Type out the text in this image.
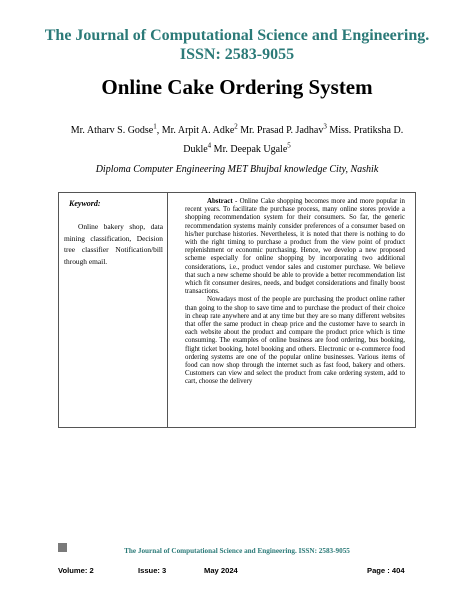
The Journal of Computational Science and Engineering.
ISSN: 2583-9055
Online Cake Ordering System
Mr. Atharv S. Godse$^1$, Mr. Arpit A. Adke$^2$ Mr. Prasad P. Jadhav$^3$ Miss. Pratiksha D. Dukle$^4$ Mr. Deepak Ugale$^5$
Diploma Computer Engineering MET Bhujbal knowledge City, Nashik
Keyword:
Online bakery shop, data mining classification, Decision tree classifier Notification/bill through email.

Abstract - Online Cake shopping becomes more and more popular in recent years. To facilitate the purchase process, many online stores provide a shopping recommendation system for their consumers. So far, the generic recommendation systems mainly consider preferences of a consumer based on his/her purchase histories. Nevertheless, it is noted that there is nothing to do with the right timing to purchase a product from the view point of product replenishment or economic purchasing. Hence, we develop a new proposed scheme especially for online shopping by incorporating two additional considerations, i.e., product vendor sales and customer purchase. We believe that such a new scheme should be able to provide a better recommendation list which fit consumer desires, needs, and budget considerations and finally boost transactions.

Nowadays most of the people are purchasing the product online rather than going to the shop to save time and to purchase the product of their choice in cheap rate anywhere and at any time but they are so many different websites that offer the same product in cheap price and the customer have to search in each website about the product and compare the product price which is time consuming. The examples of online business are food ordering, bus booking, flight ticket booking, hotel booking and others. Electronic or e-commerce food ordering systems are one of the popular online businesses. Various items of food can now shop through the internet such as fast food, bakery and others. Customers can view and select the product from cake ordering system, add to cart, choose the delivery

The Journal of Computational Science and Engineering. ISSN: 2583-9055
Volume: 2	Issue: 3	May 2024	Page : 404
